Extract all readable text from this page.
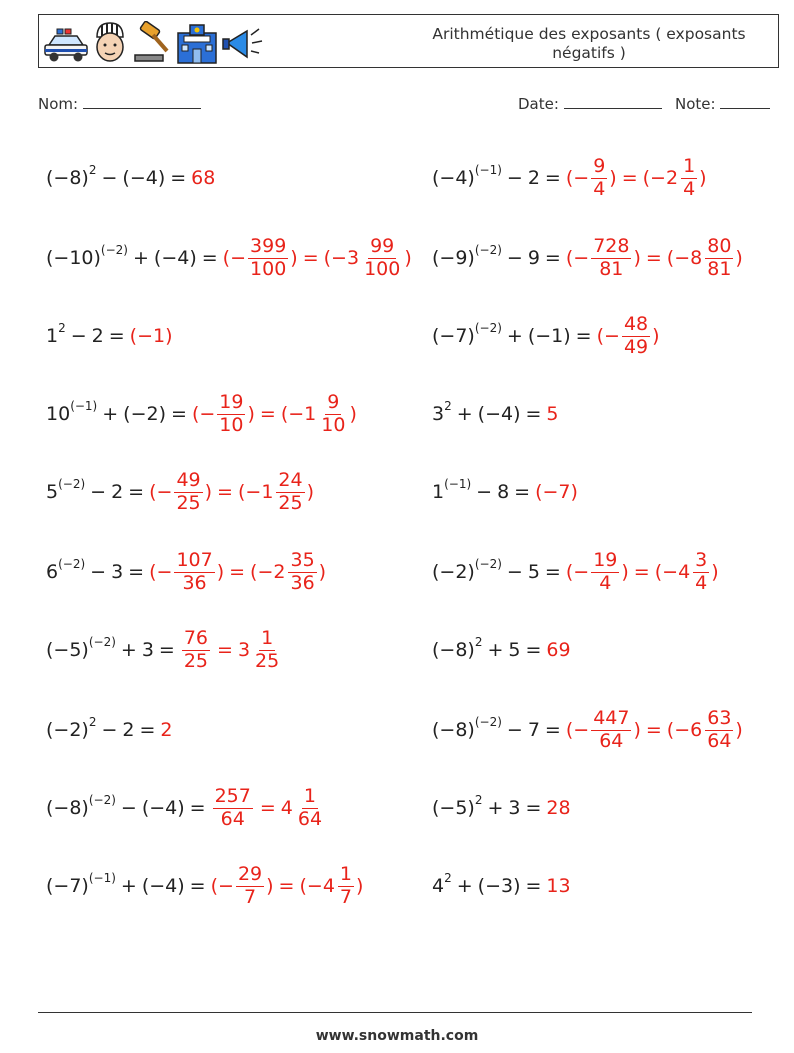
Arithmétique des exposants ( exposants négatifs )
Nom:	Date:	Note:
$(-8)^2 - (-4) = 68$	$(-4)^{(-1)} - 2$ = (− $\frac{9}{4}$ ) = (− $2 \frac{1}{4}$ )
$(-10)^{(-2)} + (-4)$ = (− $\frac{399}{100}$ ) = (− $3 \frac{99}{100}$ ) $(-9)^{(-2)} - 9$ = (− $\frac{728}{81}$ ) = (− $8 \frac{80}{81}$ )
$1^2 - 2 = (-1)$	$(-7)^{(-2)} + (-1)$ = (− $\frac{48}{49}$ )
$10^{(-1)} + (-2)$ = (− $\frac{19}{10}$ ) = (− $1 \frac{9}{10}$ )	$3^2 + (-4) = 5$
$5^{(-2)} - 2$ = (− $\frac{49}{25}$ ) = (− $1 \frac{24}{25}$ )	$1^{(-1)} - 8 = (-7)$
$6^{(-2)} - 3$ = (− $\frac{107}{36}$ ) = (− $2 \frac{35}{36}$ )	$(-2)^{(-2)} - 5$ = (− $\frac{19}{4}$ ) = (− $4 \frac{3}{4}$ )
$(-5)^{(-2)} + 3 = \frac{76}{25} = 3 \frac{1}{25}$	$(-8)^2 + 5 = 69$
$(-2)^2 - 2 = 2$	$(-8)^{(-2)} - 7$ = (− $\frac{447}{64}$ ) = (− $6 \frac{63}{64}$ )
$(-8)^{(-2)} - (-4) = \frac{257}{64} = 4 \frac{1}{64}$	$(-5)^2 + 3 = 28$
$(-7)^{(-1)} + (-4)$ = (− $\frac{29}{7}$ ) = (− $4 \frac{1}{7}$ )	$4^2 + (-3) = 13$
www.snowmath.com
